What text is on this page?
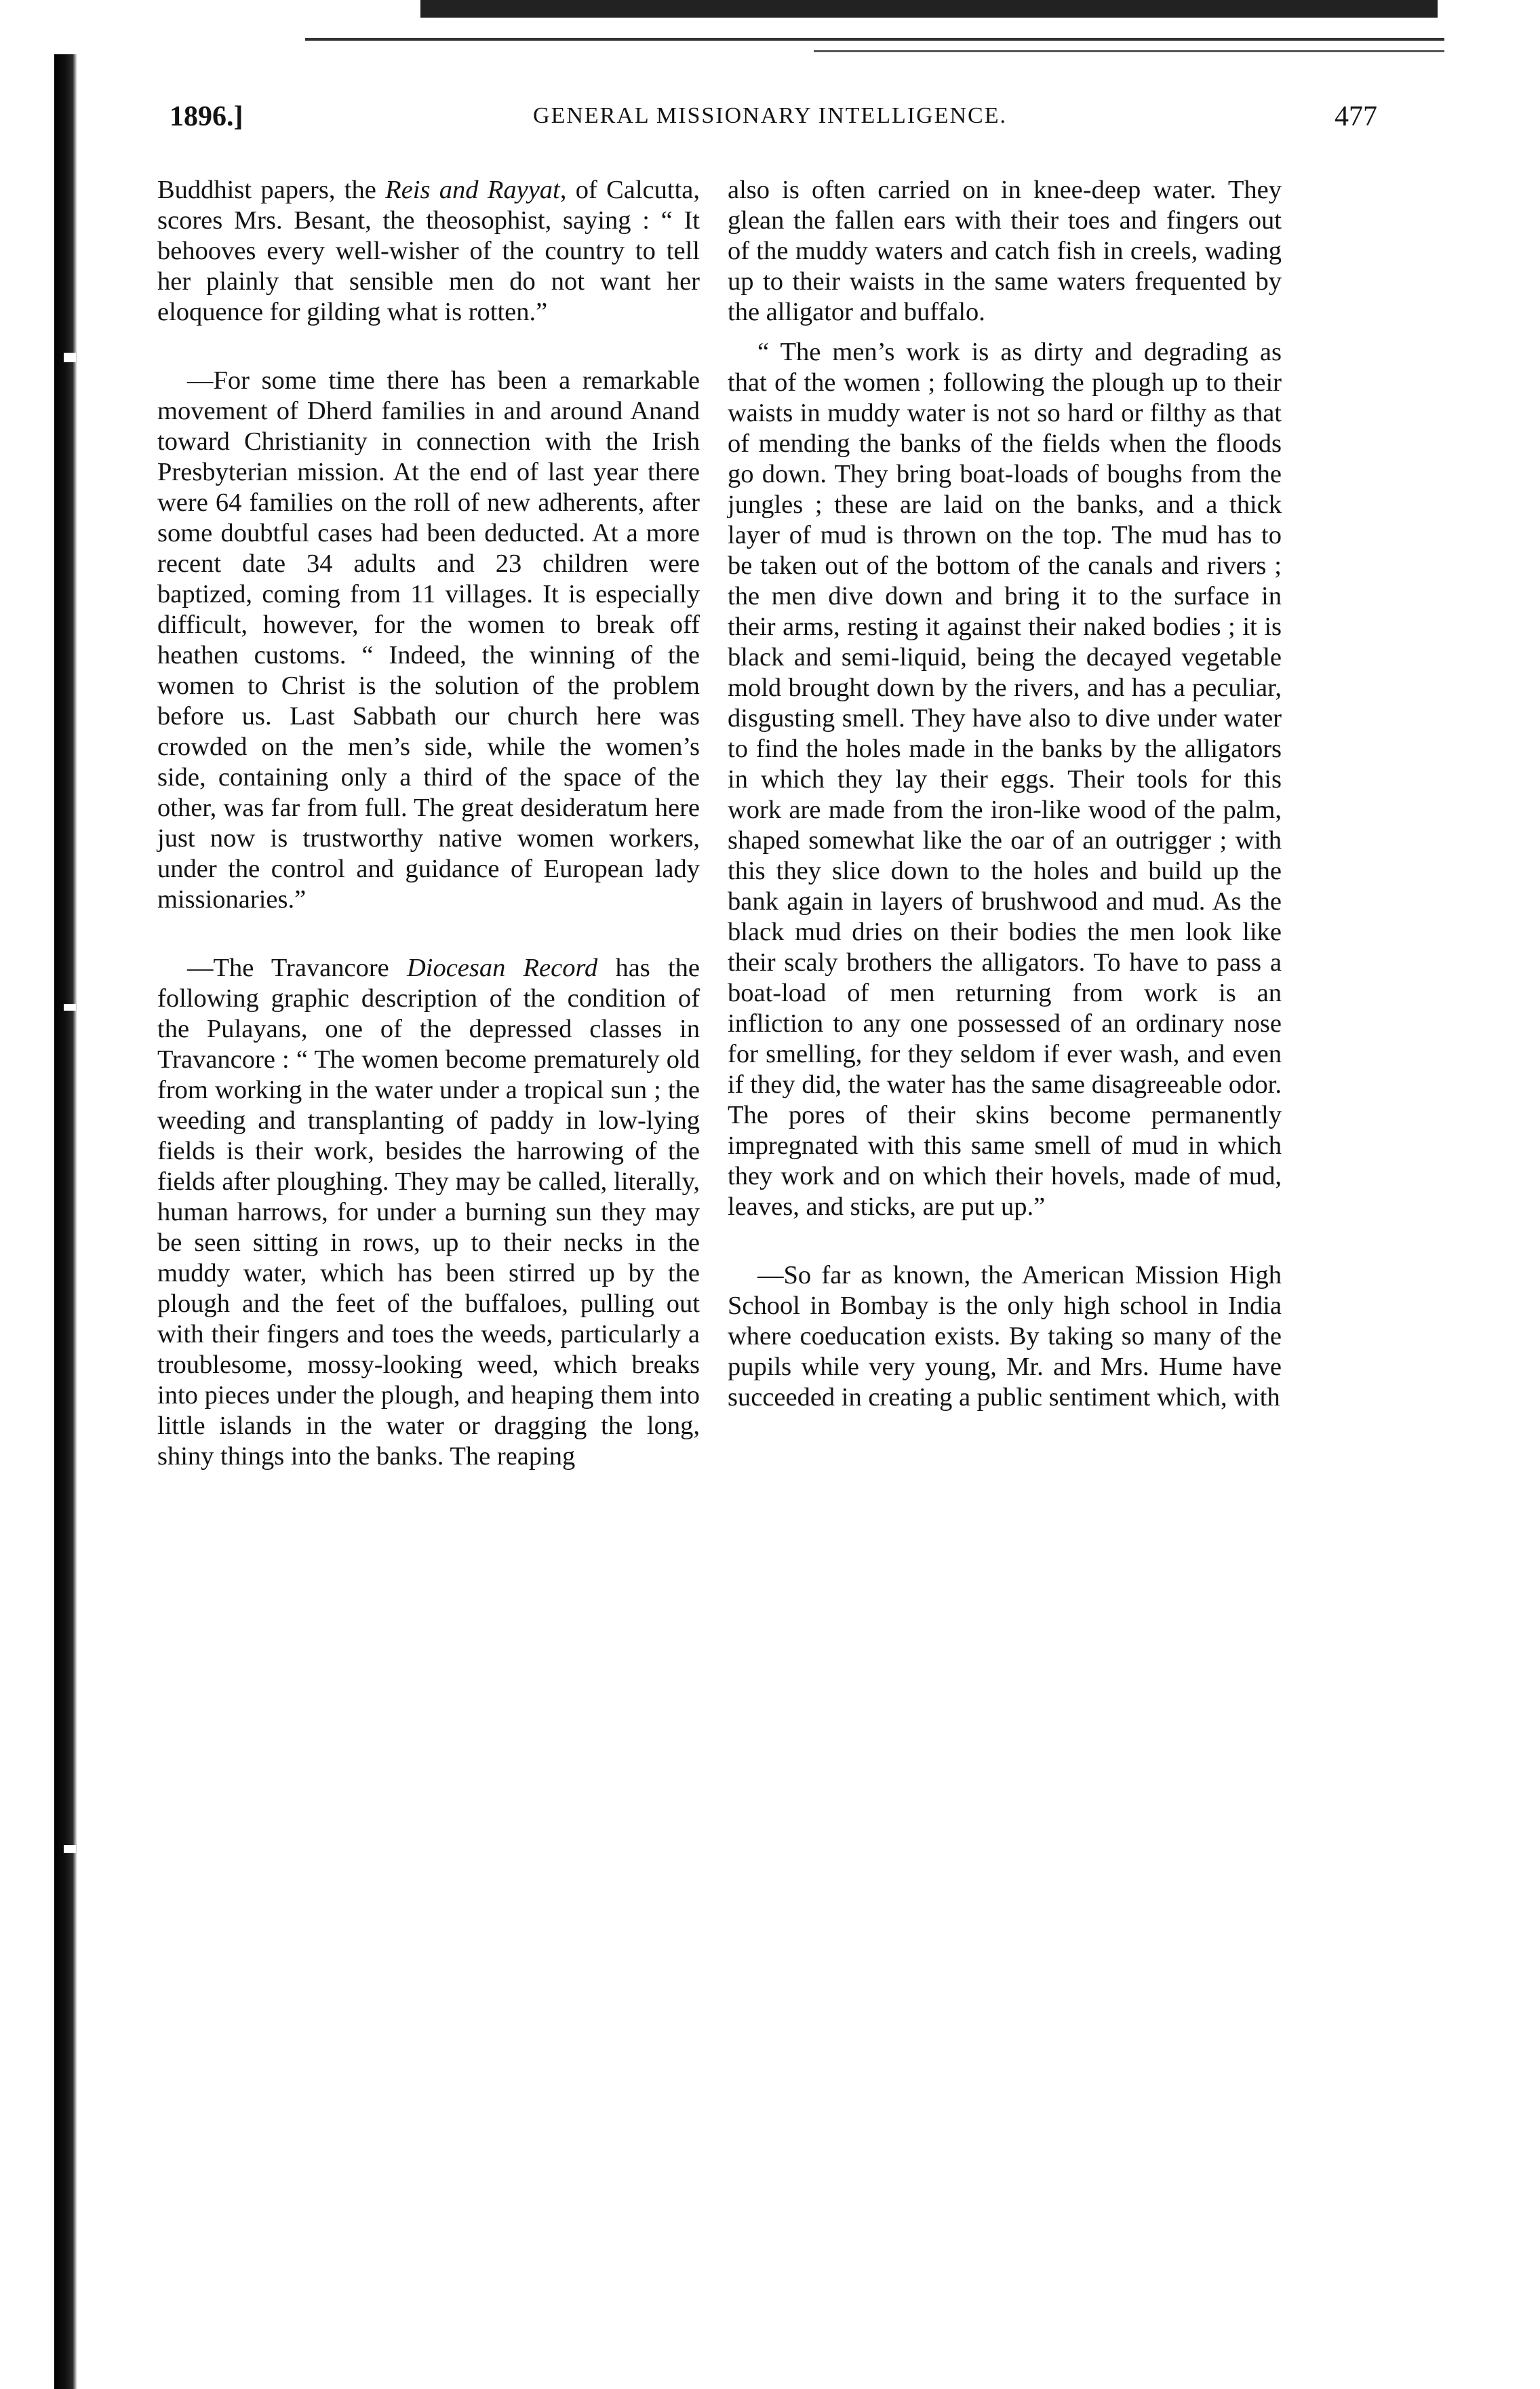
1896.]	GENERAL MISSIONARY INTELLIGENCE.	477

Buddhist papers, the Reis and Rayyat, of Calcutta, scores Mrs. Besant, the theosophist, saying : “ It behooves every well-wisher of the country to tell her plainly that sensible men do not want her eloquence for gilding what is rotten.”

—For some time there has been a remarkable movement of Dherd families in and around Anand toward Christianity in connection with the Irish Presbyterian mission. At the end of last year there were 64 families on the roll of new adherents, after some doubtful cases had been deducted. At a more recent date 34 adults and 23 children were baptized, coming from 11 villages. It is especially difficult, however, for the women to break off heathen customs. “ Indeed, the winning of the women to Christ is the solution of the problem before us. Last Sabbath our church here was crowded on the men’s side, while the women’s side, containing only a third of the space of the other, was far from full. The great desideratum here just now is trustworthy native women workers, under the control and guidance of European lady missionaries.”

—The Travancore Diocesan Record has the following graphic description of the condition of the Pulayans, one of the depressed classes in Travancore : “ The women become prematurely old from working in the water under a tropical sun ; the weeding and transplanting of paddy in low-lying fields is their work, besides the harrowing of the fields after ploughing. They may be called, literally, human harrows, for under a burning sun they may be seen sitting in rows, up to their necks in the muddy water, which has been stirred up by the plough and the feet of the buffaloes, pulling out with their fingers and toes the weeds, particularly a troublesome, mossy-looking weed, which breaks into pieces under the plough, and heaping them into little islands in the water or dragging the long, shiny things into the banks. The reaping

also is often carried on in knee-deep water. They glean the fallen ears with their toes and fingers out of the muddy waters and catch fish in creels, wading up to their waists in the same waters frequented by the alligator and buffalo.

“ The men’s work is as dirty and degrading as that of the women ; following the plough up to their waists in muddy water is not so hard or filthy as that of mending the banks of the fields when the floods go down. They bring boat-loads of boughs from the jungles ; these are laid on the banks, and a thick layer of mud is thrown on the top. The mud has to be taken out of the bottom of the canals and rivers ; the men dive down and bring it to the surface in their arms, resting it against their naked bodies ; it is black and semi-liquid, being the decayed vegetable mold brought down by the rivers, and has a peculiar, disgusting smell. They have also to dive under water to find the holes made in the banks by the alligators in which they lay their eggs. Their tools for this work are made from the iron-like wood of the palm, shaped somewhat like the oar of an outrigger ; with this they slice down to the holes and build up the bank again in layers of brushwood and mud. As the black mud dries on their bodies the men look like their scaly brothers the alligators. To have to pass a boat-load of men returning from work is an infliction to any one possessed of an ordinary nose for smelling, for they seldom if ever wash, and even if they did, the water has the same disagreeable odor. The pores of their skins become permanently impregnated with this same smell of mud in which they work and on which their hovels, made of mud, leaves, and sticks, are put up.”

—So far as known, the American Mission High School in Bombay is the only high school in India where coeducation exists. By taking so many of the pupils while very young, Mr. and Mrs. Hume have succeeded in creating a public sentiment which, with
